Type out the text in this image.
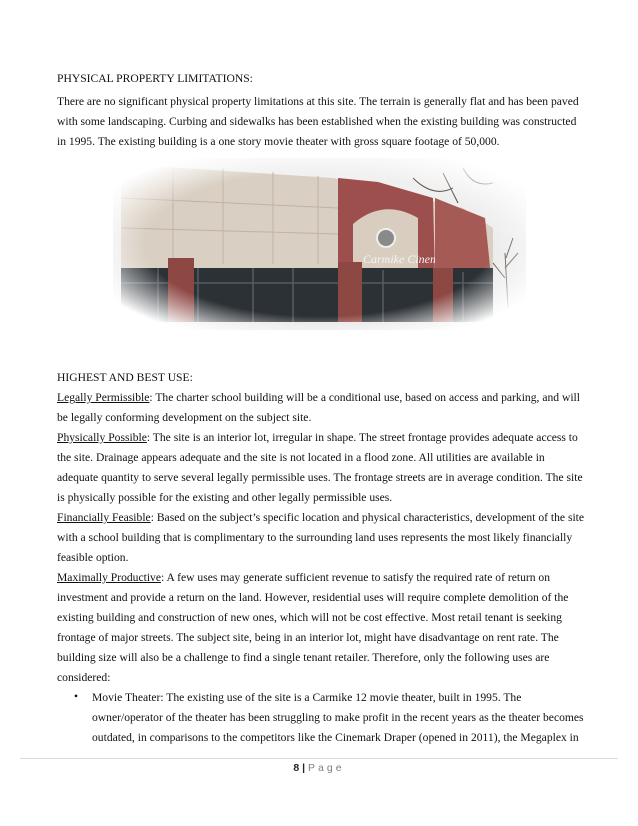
PHYSICAL PROPERTY LIMITATIONS:
There are no significant physical property limitations at this site. The terrain is generally flat and has been paved
with some landscaping. Curbing and sidewalks has been established when the existing building was constructed
in 1995. The existing building is a one story movie theater with gross square footage of 50,000.
HIGHEST AND BEST USE:
Legally Permissible: The charter school building will be a conditional use, based on access and parking, and will
be legally conforming development on the subject site.
Physically Possible: The site is an interior lot, irregular in shape. The street frontage provides adequate access to
the site. Drainage appears adequate and the site is not located in a flood zone. All utilities are available in
adequate quantity to serve several legally permissible uses. The frontage streets are in average condition. The site
is physically possible for the existing and other legally permissible uses.
Financially Feasible: Based on the subject’s specific location and physical characteristics, development of the site
with a school building that is complimentary to the surrounding land uses represents the most likely financially
feasible option.
Maximally Productive: A few uses may generate sufficient revenue to satisfy the required rate of return on
investment and provide a return on the land. However, residential uses will require complete demolition of the
existing building and construction of new ones, which will not be cost effective. Most retail tenant is seeking
frontage of major streets. The subject site, being in an interior lot, might have disadvantage on rent rate. The
building size will also be a challenge to find a single tenant retailer. Therefore, only the following uses are
considered:
• Movie Theater: The existing use of the site is a Carmike 12 movie theater, built in 1995. The
owner/operator of the theater has been struggling to make profit in the recent years as the theater becomes
outdated, in comparisons to the competitors like the Cinemark Draper (opened in 2011), the Megaplex in
8 | Page
